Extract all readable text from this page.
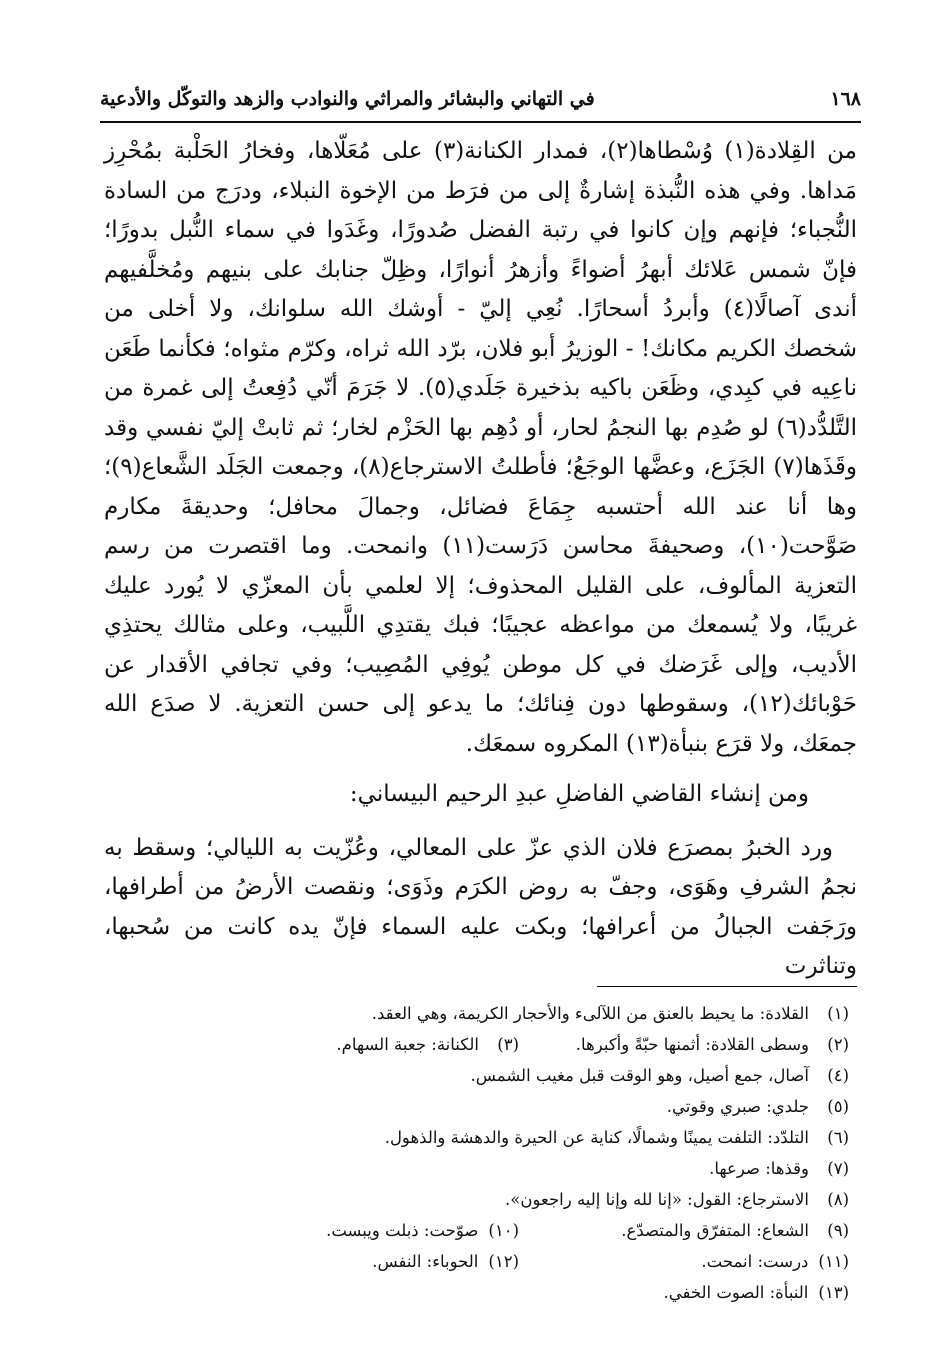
١٦٨
في التهاني والبشائر والمراثي والنوادب والزهد والتوكّل والأدعية

من القِلادة(١) وُسْطاها(٢)، فمدار الكنانة(٣) على مُعَلّاها، وفخارُ الحَلْبة بمُحْرِز مَداها. وفي هذه النُّبذة إشارةٌ إلى من فرَط من الإخوة النبلاء، ودرَج من السادة النُّجباء؛ فإنهم وإن كانوا في رتبة الفضل صُدورًا، وغَدَوا في سماء النُّبل بدورًا؛ فإنّ شمس عَلائك أبهرُ أضواءً وأزهرُ أنوارًا، وظِلّ جنابك على بنيهم ومُخلَّفيهم أندى آصالًا(٤) وأبردُ أسحارًا. نُعِي إليّ - أوشك الله سلوانك، ولا أخلى من شخصك الكريم مكانك! - الوزيرُ أبو فلان، برّد الله ثراه، وكرّم مثواه؛ فكأنما طَعَن ناعِيه في كبِدي، وظَعَن باكيه بذخيرة جَلَدي(٥). لا جَرَمَ أنّي دُفِعتُ إلى غمرة من التَّلدُّد(٦) لو صُدِم بها النجمُ لحار، أو دُهِم بها الحَزْم لخار؛ ثم ثابتْ إليّ نفسي وقد وقَذَها(٧) الجَزَع، وعضَّها الوجَعُ؛ فأطلتُ الاسترجاع(٨)، وجمعت الجَلَد الشَّعاع(٩)؛ وها أنا عند الله أحتسبه جِمَاعَ فضائل، وجمالَ محافل؛ وحديقةَ مكارم صَوَّحت(١٠)، وصحيفةَ محاسن دَرَست(١١) وانمحت. وما اقتصرت من رسم التعزية المألوف، على القليل المحذوف؛ إلا لعلمي بأن المعزّي لا يُورد عليك غريبًا، ولا يُسمعك من مواعظه عجيبًا؛ فبك يقتدِي اللَّبيب، وعلى مثالك يحتذِي الأديب، وإلى غَرَضك في كل موطن يُوفِي المُصِيب؛ وفي تجافي الأقدار عن حَوْبائك(١٢)، وسقوطها دون فِنائك؛ ما يدعو إلى حسن التعزية. لا صدَع الله جمعَك، ولا قرَع بنبأة(١٣) المكروه سمعَك.

ومن إنشاء القاضي الفاضلِ عبدِ الرحيم البيساني:

ورد الخبرُ بمصرَع فلان الذي عزّ على المعالي، وعُزّيت به الليالي؛ وسقط به نجمُ الشرفِ وهَوَى، وجفّ به روض الكرَم وذَوَى؛ ونقصت الأرضُ من أطرافها، ورَجَفت الجبالُ من أعرافها؛ وبكت عليه السماء فإنّ يده كانت من سُحبها، وتناثرت

(١)
القلادة: ما يحيط بالعنق من اللآلىء والأحجار الكريمة، وهي العقد.
(٢)
وسطى القلادة: أثمنها حبّةً وأكبرها.
(٣)
الكنانة: جعبة السهام.
(٤)
آصال، جمع أصيل، وهو الوقت قبل مغيب الشمس.
(٥)
جلدي: صبري وقوتي.
(٦)
التلدّد: التلفت يمينًا وشمالًا، كناية عن الحيرة والدهشة والذهول.
(٧)
وقذها: صرعها.
(٨)
الاسترجاع: القول: «إنا لله وإنا إليه راجعون».
(٩)
الشعاع: المتفرّق والمتصدّع.
(١٠)
صوّحت: ذبلت ويبست.
(١١)
درست: انمحت.
(١٢)
الحوباء: النفس.
(١٣)
النبأة: الصوت الخفي.
